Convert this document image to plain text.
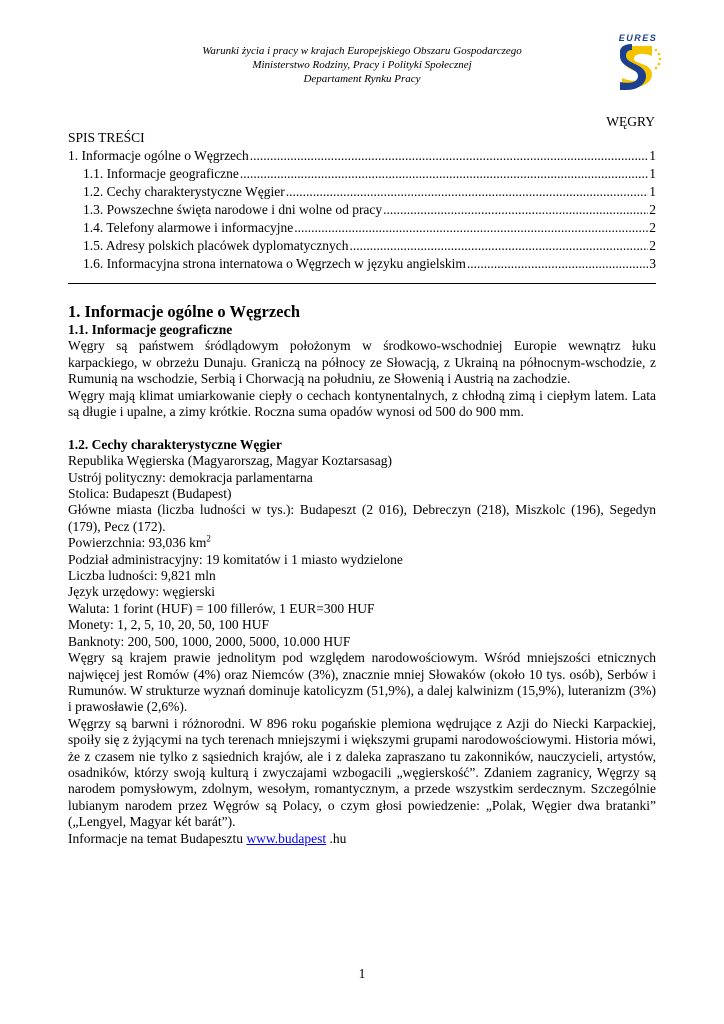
Warunki życia i pracy w krajach Europejskiego Obszaru Gospodarczego
Ministerstwo Rodziny, Pracy i Polityki Społecznej
Departament Rynku Pracy
EURES
WĘGRY
SPIS TREŚCI
1. Informacje ogólne o Węgrzech .....	1
1.1. Informacje geograficzne .....	1
1.2. Cechy charakterystyczne Węgier .....	1
1.3. Powszechne święta narodowe i dni wolne od pracy .....	2
1.4. Telefony alarmowe i informacyjne .....	2
1.5. Adresy polskich placówek dyplomatycznych .....	2
1.6. Informacyjna strona internatowa o Węgrzech w języku angielskim .....	3
1. Informacje ogólne o Węgrzech
1.1. Informacje geograficzne

Węgry są państwem śródlądowym położonym w środkowo-wschodniej Europie wewnątrz łuku karpackiego, w obrzeżu Dunaju. Graniczą na północy ze Słowacją, z Ukrainą na północnym-wschodzie, z Rumunią na wschodzie, Serbią i Chorwacją na południu, ze Słowenią i Austrią na zachodzie.

Węgry mają klimat umiarkowanie ciepły o cechach kontynentalnych, z chłodną zimą i ciepłym latem. Lata są długie i upalne, a zimy krótkie. Roczna suma opadów wynosi od 500 do 900 mm.

1.2. Cechy charakterystyczne Węgier
Republika Węgierska (Magyarorszag, Magyar Koztarsasag)
Ustrój polityczny: demokracja parlamentarna
Stolica: Budapeszt (Budapest)

Główne miasta (liczba ludności w tys.): Budapeszt (2 016), Debreczyn (218), Miszkolc (196), Segedyn (179), Pecz (172).

Powierzchnia: 93,036 $km^2$
Podział administracyjny: 19 komitatów i 1 miasto wydzielone
Liczba ludności: 9,821 mln
Język urzędowy: węgierski
Waluta: 1 forint (HUF) = 100 fillerów, 1 EUR=300 HUF
Monety: 1, 2, 5, 10, 20, 50, 100 HUF
Banknoty: 200, 500, 1000, 2000, 5000, 10.000 HUF

Węgry są krajem prawie jednolitym pod względem narodowościowym. Wśród mniejszości etnicznych najwięcej jest Romów (4%) oraz Niemców (3%), znacznie mniej Słowaków (około 10 tys. osób), Serbów i Rumunów. W strukturze wyznań dominuje katolicyzm (51,9%), a dalej kalwinizm (15,9%), luteranizm (3%) i prawosławie (2,6%).

Węgrzy są barwni i różnorodni. W 896 roku pogańskie plemiona wędrujące z Azji do Niecki Karpackiej, spoiły się z żyjącymi na tych terenach mniejszymi i większymi grupami narodowościowymi. Historia mówi, że z czasem nie tylko z sąsiednich krajów, ale i z daleka zapraszano tu zakonników, nauczycieli, artystów, osadników, którzy swoją kulturą i zwyczajami wzbogacili „węgierskość”. Zdaniem zagranicy, Węgrzy są narodem pomysłowym, zdolnym, wesołym, romantycznym, a przede wszystkim serdecznym. Szczególnie lubianym narodem przez Węgrów są Polacy, o czym głosi powiedzenie: „Polak, Węgier dwa bratanki” („Lengyel, Magyar két barát”).

Informacje na temat Budapesztu www.budapest .hu
1
